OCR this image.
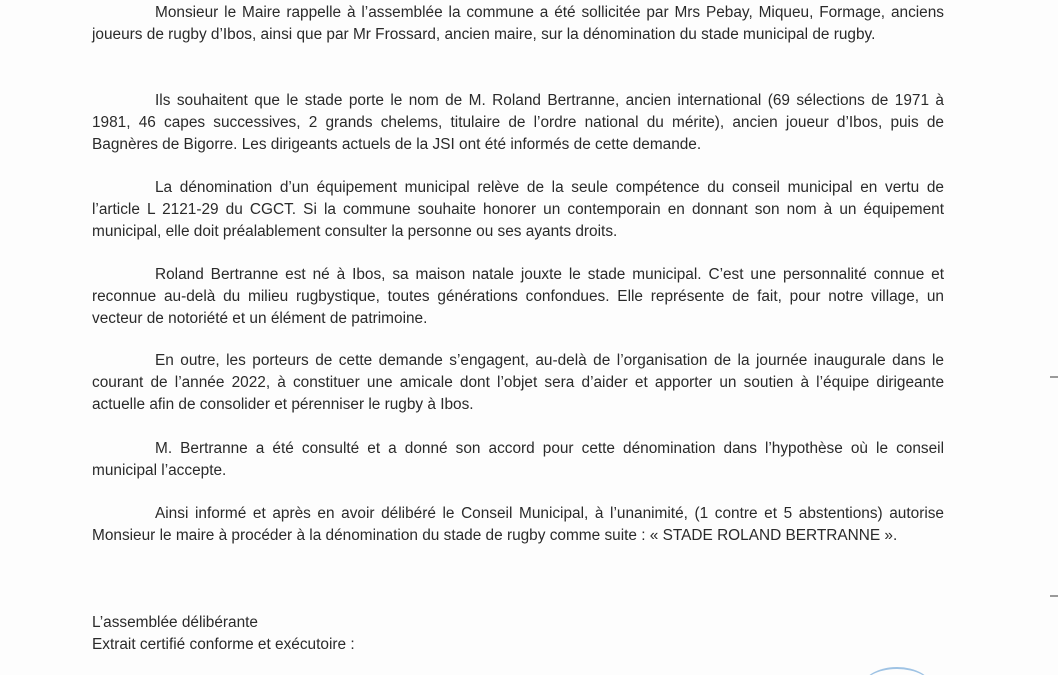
Monsieur le Maire rappelle à l’assemblée la commune a été sollicitée par Mrs Pebay, Miqueu, Formage, anciens joueurs de rugby d’Ibos, ainsi que par Mr Frossard, ancien maire, sur la dénomination du stade municipal de rugby.

Ils souhaitent que le stade porte le nom de M. Roland Bertranne, ancien international (69 sélections de 1971 à 1981, 46 capes successives, 2 grands chelems, titulaire de l’ordre national du mérite), ancien joueur d’Ibos, puis de Bagnères de Bigorre. Les dirigeants actuels de la JSI ont été informés de cette demande.

La dénomination d’un équipement municipal relève de la seule compétence du conseil municipal en vertu de l’article L 2121-29 du CGCT. Si la commune souhaite honorer un contemporain en donnant son nom à un équipement municipal, elle doit préalablement consulter la personne ou ses ayants droits.

Roland Bertranne est né à Ibos, sa maison natale jouxte le stade municipal. C’est une personnalité connue et reconnue au-delà du milieu rugbystique, toutes générations confondues. Elle représente de fait, pour notre village, un vecteur de notoriété et un élément de patrimoine.

En outre, les porteurs de cette demande s’engagent, au-delà de l’organisation de la journée inaugurale dans le courant de l’année 2022, à constituer une amicale dont l’objet sera d’aider et apporter un soutien à l’équipe dirigeante actuelle afin de consolider et pérenniser le rugby à Ibos.

M. Bertranne a été consulté et a donné son accord pour cette dénomination dans l’hypothèse où le conseil municipal l’accepte.

Ainsi informé et après en avoir délibéré le Conseil Municipal, à l’unanimité, (1 contre et 5 abstentions) autorise Monsieur le maire à procéder à la dénomination du stade de rugby comme suite : « STADE ROLAND BERTRANNE ».

L’assemblée délibérante

Extrait certifié conforme et exécutoire :
